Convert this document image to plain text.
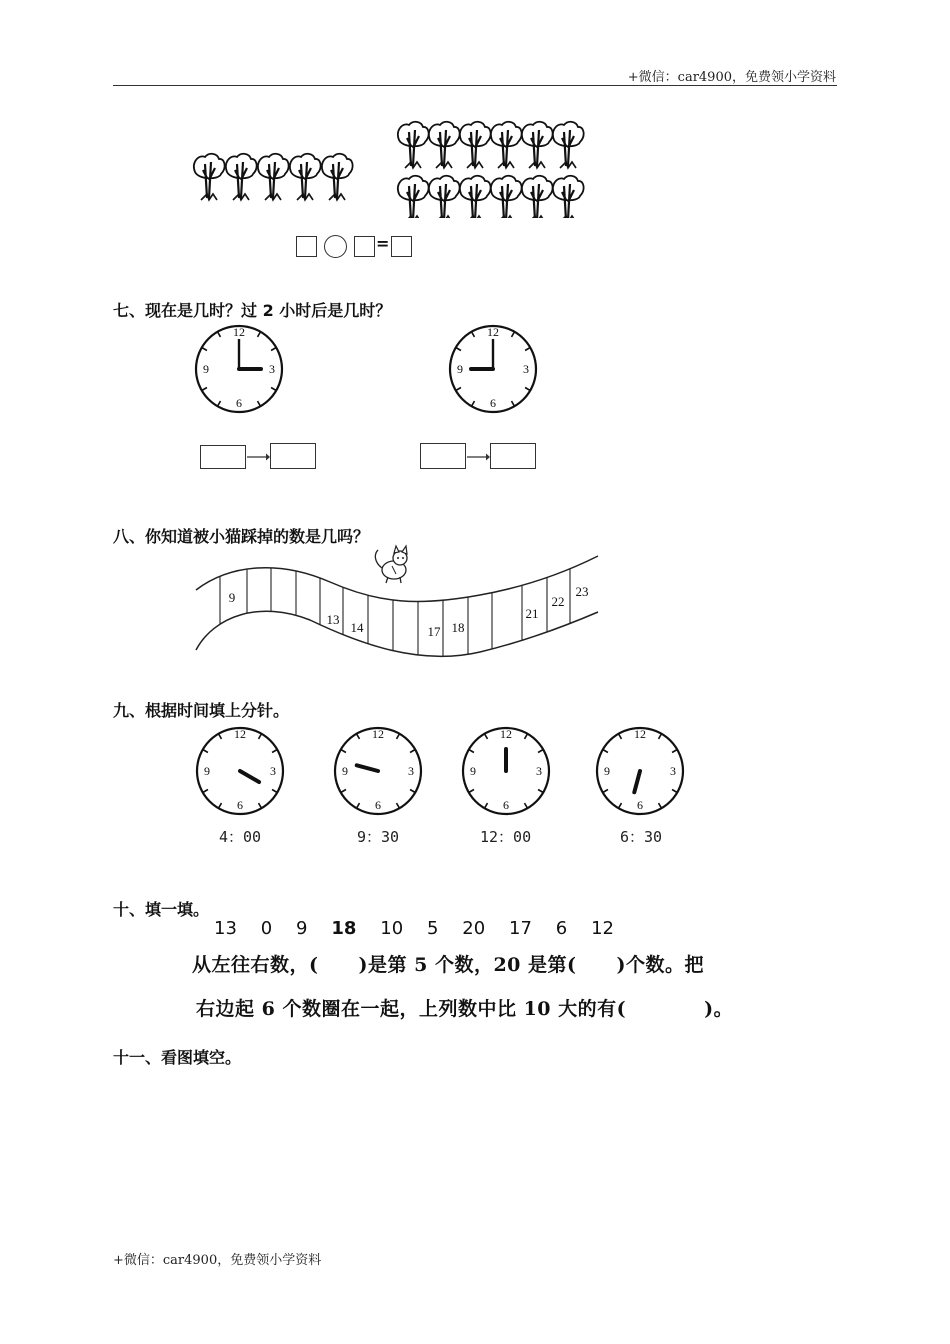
+微信：car4900，免费领小学资料
+微信：car4900，免费领小学资料
=
七、现在是几时？过 2 小时后是几时？
12
3
6
9
12
3
6
9
八、你知道被小猫踩掉的数是几吗？
9
13
14	17 18
21
22
23
九、根据时间填上分针。
12
3
6
9
12
3
6
9
12
3
6
9
12
3
6
9
4：00	9：30	12：00	6：30
十、填一填。
13 0 9 18 10 5 20 17 6 12
从左往右数，( )是第 5 个数，20 是第( )个数。把
右边起 6 个数圈在一起，上列数中比 10 大的有(	)。
十一、看图填空。
